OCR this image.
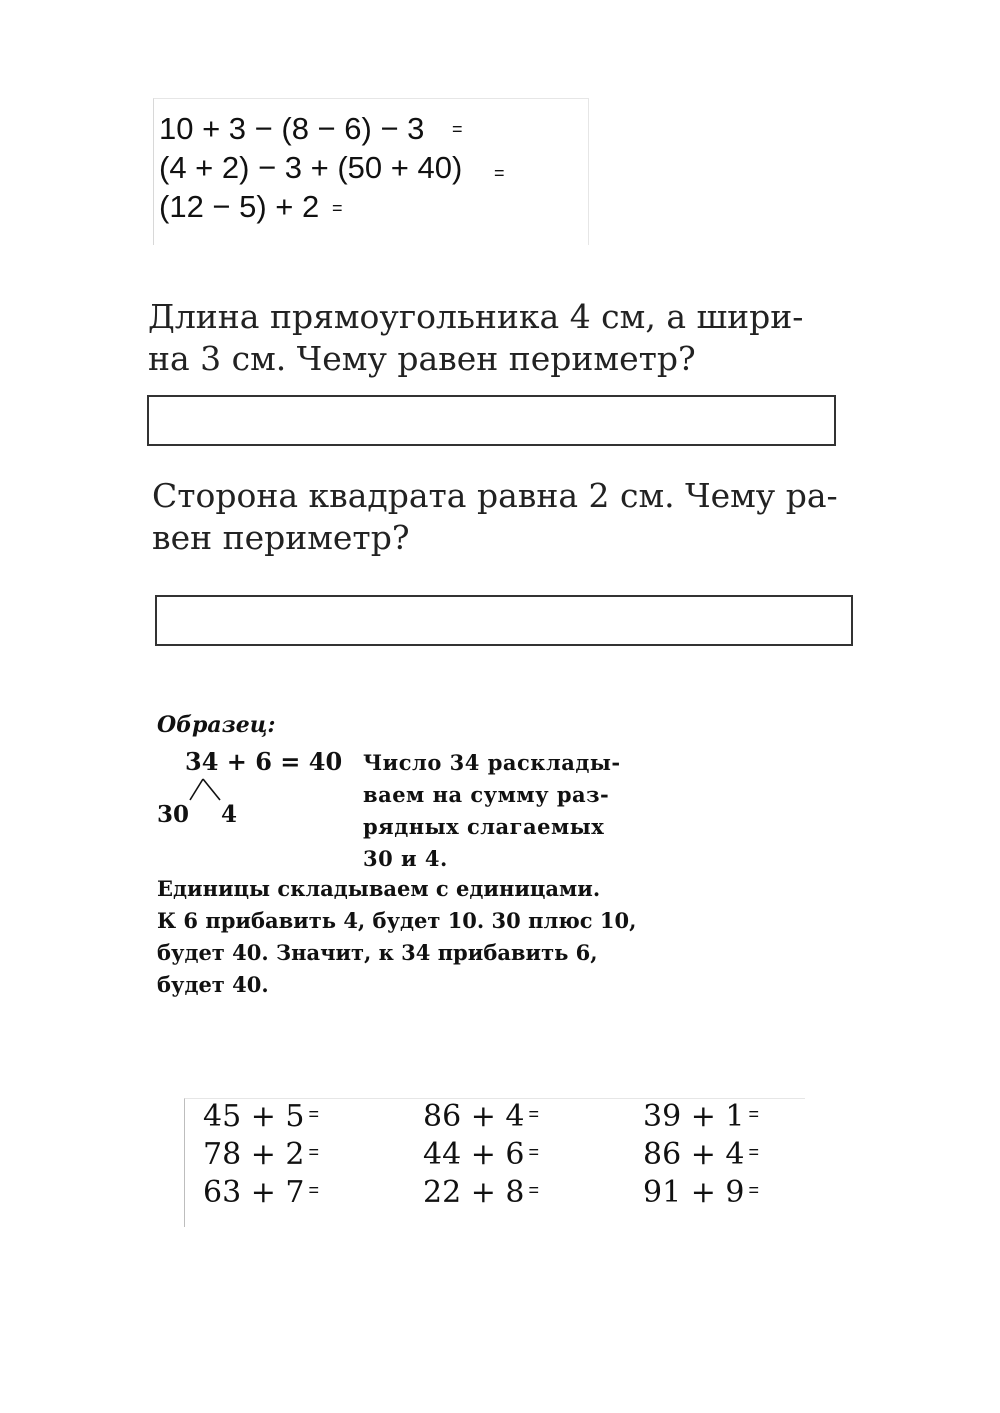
10 + 3 − (8 − 6) − 3 =
(4 + 2) − 3 + (50 + 40) =
(12 − 5) + 2 =
Длина прямоугольника 4 см, а шири-
на 3 см. Чему равен периметр?
Сторона квадрата равна 2 см. Чему ра-
вен периметр?
Образец:
34 + 6 = 40
30 4
Число 34 расклады-
ваем на сумму раз-
рядных слагаемых
30 и 4.
Единицы складываем с единицами.
К 6 прибавить 4, будет 10. 30 плюс 10,
будет 40. Значит, к 34 прибавить 6,
будет 40.
45 + 5 =	86 + 4 =	39 + 1 =
78 + 2 =	44 + 6 =	86 + 4 =
63 + 7 =	22 + 8 =	91 + 9 =
